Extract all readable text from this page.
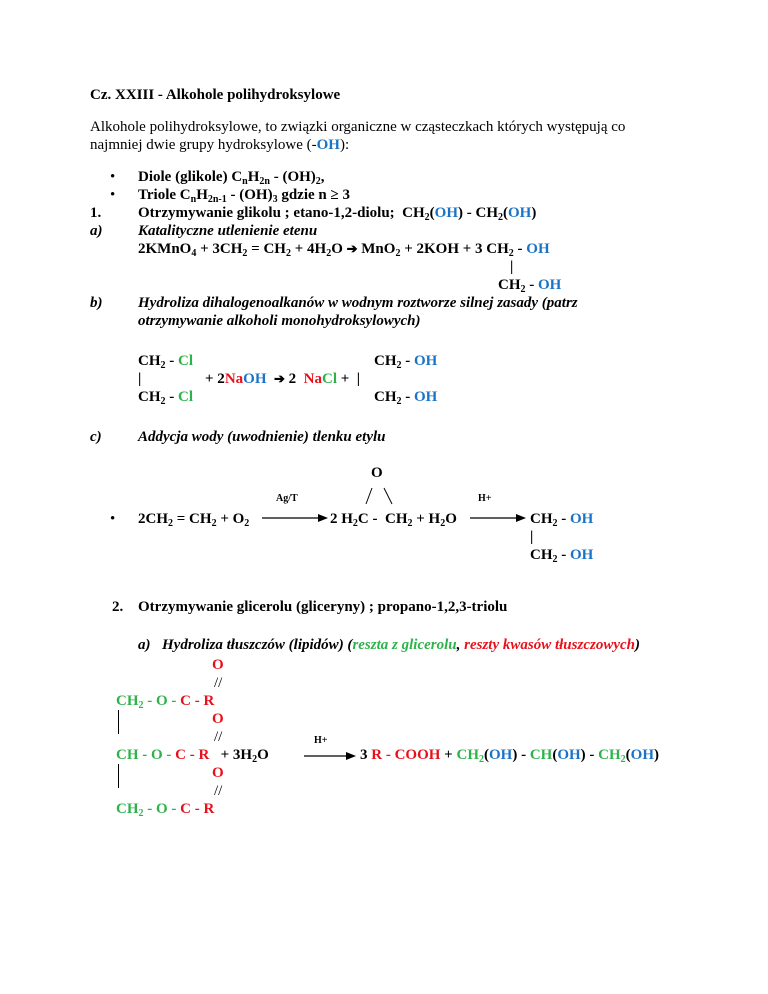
Cz. XXIII - Alkohole polihydroksylowe
Alkohole polihydroksylowe, to związki organiczne w cząsteczkach których występują co
najmniej dwie grupy hydroksylowe (-OH):
• Diole (glikole) $C_nH_{2n} - (OH)_2$,
• Triole $C_nH_{2n-1} - (OH)_3$ gdzie n ≥ 3
1. Otrzymywanie glikolu ; etano-1,2-diolu;  $CH_2(OH) - CH_2(OH)$
a) Katalityczne utlenienie etenu
2KMnO$_4$ + $3CH_2 = CH_2 + 4H_2O$ ➔ MnO$_2$ + 2KOH + 3 $CH_2$ - OH
|
$CH_2$ - OH
b) Hydroliza dihalogenoalkanów w wodnym roztworze silnej zasady (patrz
otrzymywanie alkoholi monohydroksylowych)
$CH_2$ - Cl	$CH_2$ - OH
|	+ 2NaOH ➔ 2  NaCl +  |
$CH_2$ - Cl	$CH_2$ - OH
c) Addycja wody (uwodnienie) tlenku etylu
O
Ag/T	H+
• $2CH_2 = CH_2 + O_2$	2 $H_2C - CH_2 + H_2O$	$CH_2$ - OH
|
$CH_2$ - OH
2. Otrzymywanie glicerolu (gliceryny) ; propano-1,2,3-triolu
a) Hydroliza tłuszczów (lipidów) (reszta z glicerolu, reszty kwasów tłuszczowych)
O
//
$CH_2$ - O - C - R
O
//	H+
CH - $O - C - R + 3H_2O$	3 R - COOH + $CH_2(OH) - CH(OH) - CH_2(OH)$
O
//
$CH_2$ - O - C - R
